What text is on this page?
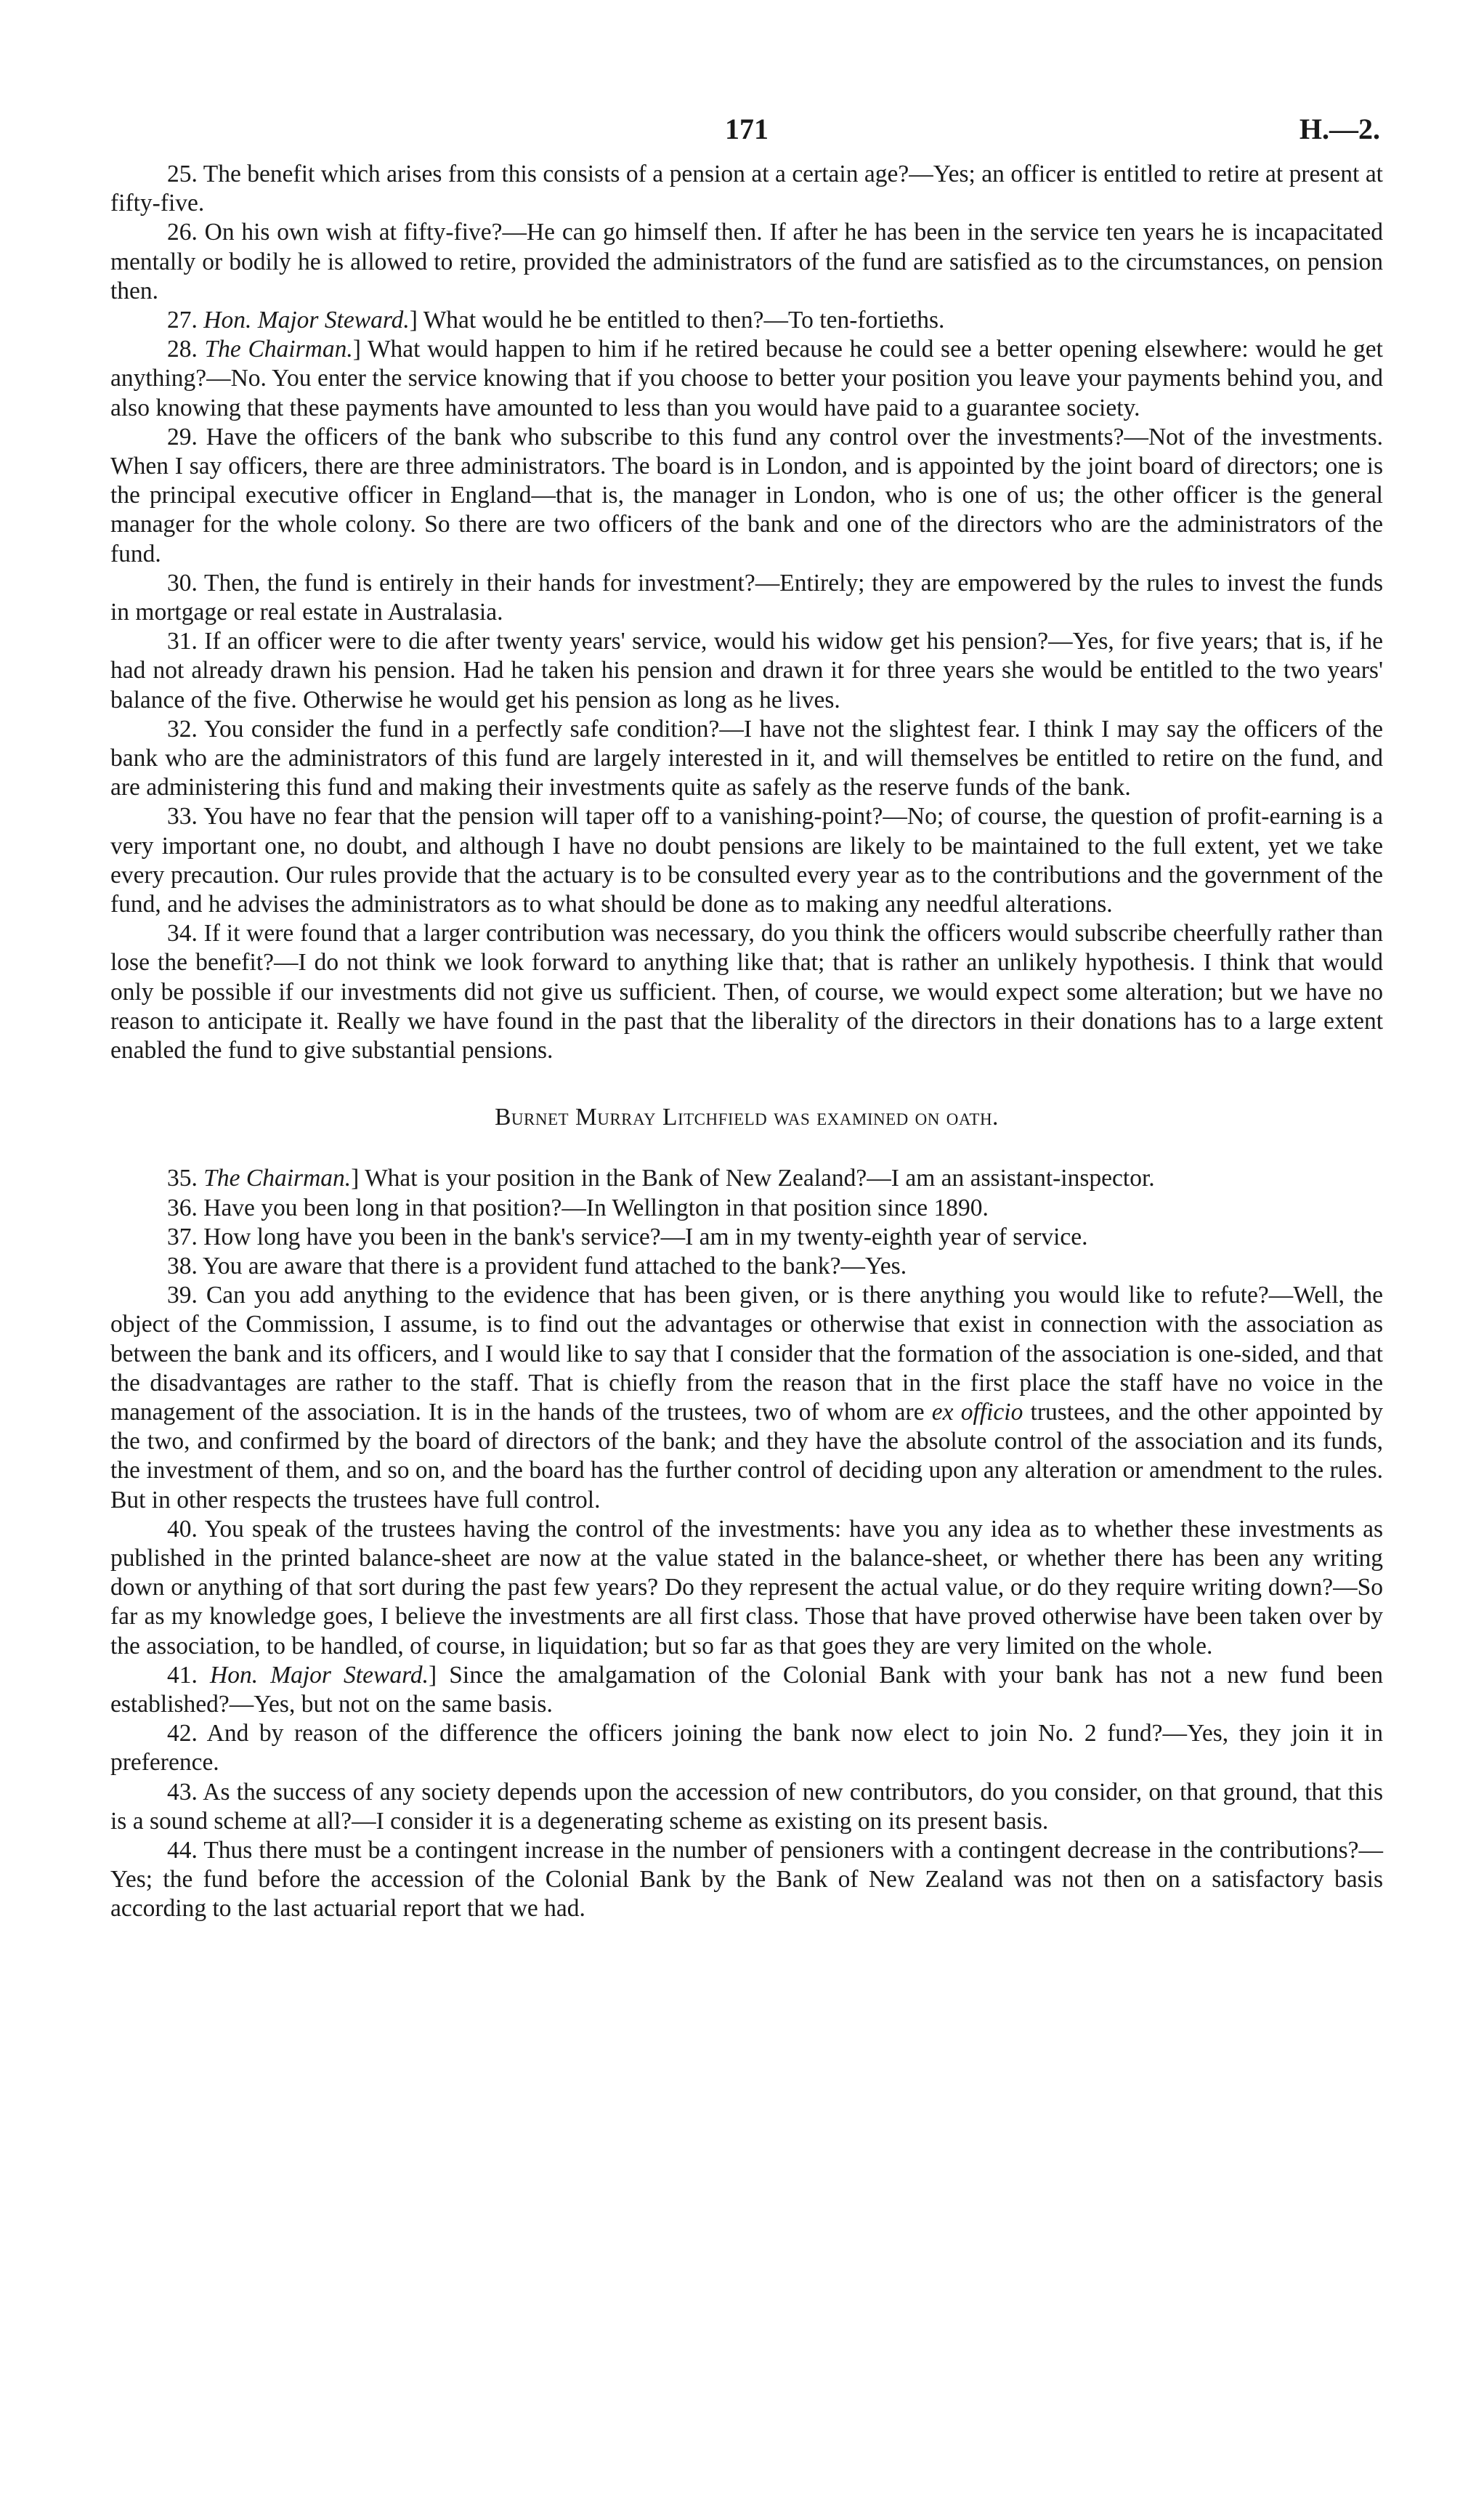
171	H.—2.

25. The benefit which arises from this consists of a pension at a certain age?—Yes; an officer is entitled to retire at present at fifty-five.

26. On his own wish at fifty-five?—He can go himself then. If after he has been in the service ten years he is incapacitated mentally or bodily he is allowed to retire, provided the administrators of the fund are satisfied as to the circumstances, on pension then.

27. Hon. Major Steward.] What would he be entitled to then?—To ten-fortieths.

28. The Chairman.] What would happen to him if he retired because he could see a better opening elsewhere: would he get anything?—No. You enter the service knowing that if you choose to better your position you leave your payments behind you, and also knowing that these payments have amounted to less than you would have paid to a guarantee society.

29. Have the officers of the bank who subscribe to this fund any control over the investments?—Not of the investments. When I say officers, there are three administrators. The board is in London, and is appointed by the joint board of directors; one is the principal executive officer in England—that is, the manager in London, who is one of us; the other officer is the general manager for the whole colony. So there are two officers of the bank and one of the directors who are the administrators of the fund.

30. Then, the fund is entirely in their hands for investment?—Entirely; they are empowered by the rules to invest the funds in mortgage or real estate in Australasia.

31. If an officer were to die after twenty years' service, would his widow get his pension?—Yes, for five years; that is, if he had not already drawn his pension. Had he taken his pension and drawn it for three years she would be entitled to the two years' balance of the five. Otherwise he would get his pension as long as he lives.

32. You consider the fund in a perfectly safe condition?—I have not the slightest fear. I think I may say the officers of the bank who are the administrators of this fund are largely interested in it, and will themselves be entitled to retire on the fund, and are administering this fund and making their investments quite as safely as the reserve funds of the bank.

33. You have no fear that the pension will taper off to a vanishing-point?—No; of course, the question of profit-earning is a very important one, no doubt, and although I have no doubt pensions are likely to be maintained to the full extent, yet we take every precaution. Our rules provide that the actuary is to be consulted every year as to the contributions and the government of the fund, and he advises the administrators as to what should be done as to making any needful alterations.

34. If it were found that a larger contribution was necessary, do you think the officers would subscribe cheerfully rather than lose the benefit?—I do not think we look forward to anything like that; that is rather an unlikely hypothesis. I think that would only be possible if our investments did not give us sufficient. Then, of course, we would expect some alteration; but we have no reason to anticipate it. Really we have found in the past that the liberality of the directors in their donations has to a large extent enabled the fund to give substantial pensions.

Burnet Murray Litchfield was examined on oath.

35. The Chairman.] What is your position in the Bank of New Zealand?—I am an assistant-inspector.

36. Have you been long in that position?—In Wellington in that position since 1890.

37. How long have you been in the bank's service?—I am in my twenty-eighth year of service.

38. You are aware that there is a provident fund attached to the bank?—Yes.

39. Can you add anything to the evidence that has been given, or is there anything you would like to refute?—Well, the object of the Commission, I assume, is to find out the advantages or otherwise that exist in connection with the association as between the bank and its officers, and I would like to say that I consider that the formation of the association is one-sided, and that the disadvantages are rather to the staff. That is chiefly from the reason that in the first place the staff have no voice in the management of the association. It is in the hands of the trustees, two of whom are ex officio trustees, and the other appointed by the two, and confirmed by the board of directors of the bank; and they have the absolute control of the association and its funds, the investment of them, and so on, and the board has the further control of deciding upon any alteration or amendment to the rules. But in other respects the trustees have full control.

40. You speak of the trustees having the control of the investments: have you any idea as to whether these investments as published in the printed balance-sheet are now at the value stated in the balance-sheet, or whether there has been any writing down or anything of that sort during the past few years? Do they represent the actual value, or do they require writing down?—So far as my knowledge goes, I believe the investments are all first class. Those that have proved otherwise have been taken over by the association, to be handled, of course, in liquidation; but so far as that goes they are very limited on the whole.

41. Hon. Major Steward.] Since the amalgamation of the Colonial Bank with your bank has not a new fund been established?—Yes, but not on the same basis.

42. And by reason of the difference the officers joining the bank now elect to join No. 2 fund?—Yes, they join it in preference.

43. As the success of any society depends upon the accession of new contributors, do you consider, on that ground, that this is a sound scheme at all?—I consider it is a degenerating scheme as existing on its present basis.

44. Thus there must be a contingent increase in the number of pensioners with a contingent decrease in the contributions?—Yes; the fund before the accession of the Colonial Bank by the Bank of New Zealand was not then on a satisfactory basis according to the last actuarial report that we had.
